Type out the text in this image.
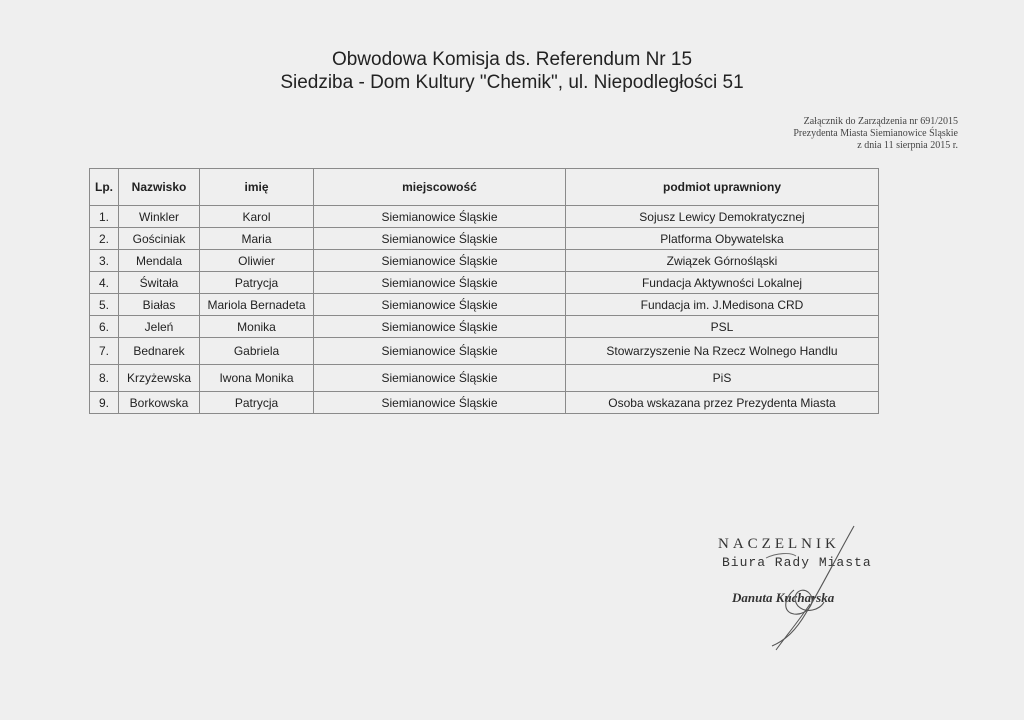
Obwodowa Komisja ds. Referendum Nr 15
Siedziba - Dom Kultury "Chemik", ul. Niepodległości 51
Załącznik do Zarządzenia nr 691/2015
Prezydenta Miasta Siemianowice Śląskie
z dnia 11 sierpnia 2015 r.
Lp.	Nazwisko	imię	miejscowość	podmiot uprawniony
1.	Winkler	Karol	Siemianowice Śląskie	Sojusz Lewicy Demokratycznej
2.	Gościniak	Maria	Siemianowice Śląskie	Platforma Obywatelska
3.	Mendala	Oliwier	Siemianowice Śląskie	Związek Górnośląski
4.	Świtała	Patrycja	Siemianowice Śląskie	Fundacja Aktywności Lokalnej
5.	Białas	Mariola Bernadeta	Siemianowice Śląskie	Fundacja im. J.Medisona CRD
6.	Jeleń	Monika	Siemianowice Śląskie	PSL
7.	Bednarek	Gabriela	Siemianowice Śląskie	Stowarzyszenie Na Rzecz Wolnego Handlu
8.	Krzyżewska	Iwona Monika	Siemianowice Śląskie	PiS
9.	Borkowska	Patrycja	Siemianowice Śląskie	Osoba wskazana przez Prezydenta Miasta
NACZELNIK
Biura Rady Miasta
Danuta Kucharska
